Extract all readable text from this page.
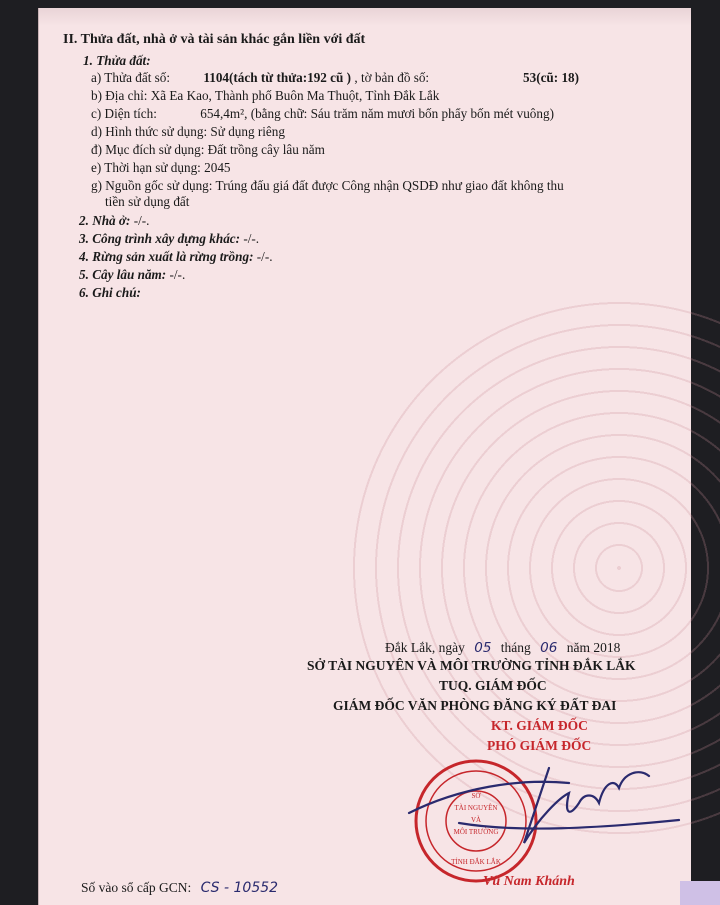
II. Thửa đất, nhà ở và tài sản khác gắn liền với đất
1. Thửa đất:
a) Thửa đất số:	1104(tách từ thửa:192 cũ ) , tờ bản đồ số:	53(cũ: 18)
b) Địa chỉ: Xã Ea Kao, Thành phố Buôn Ma Thuột, Tỉnh Đắk Lắk
c) Diện tích:	654,4m², (bằng chữ: Sáu trăm năm mươi bốn phẩy bốn mét vuông)
d) Hình thức sử dụng: Sử dụng riêng
đ) Mục đích sử dụng: Đất trồng cây lâu năm
e) Thời hạn sử dụng: 2045
g) Nguồn gốc sử dụng: Trúng đấu giá đất được Công nhận QSDĐ như giao đất không thu
tiền sử dụng đất
2. Nhà ở: -/-.
3. Công trình xây dựng khác: -/-.
4. Rừng sản xuất là rừng trồng: -/-.
5. Cây lâu năm: -/-.
6. Ghi chú:
Đắk Lắk, ngày 05 tháng 06 năm 2018
SỞ TÀI NGUYÊN VÀ MÔI TRƯỜNG TỈNH ĐẮK LẮK
TUQ. GIÁM ĐỐC
GIÁM ĐỐC VĂN PHÒNG ĐĂNG KÝ ĐẤT ĐAI
KT. GIÁM ĐỐC
PHÓ GIÁM ĐỐC
SỞ
TÀI NGUYÊN
VÀ
MÔI TRƯỜNG
TỈNH ĐẮK LẮK
Vũ Nam Khánh
Số vào sổ cấp GCN: CS - 10552
